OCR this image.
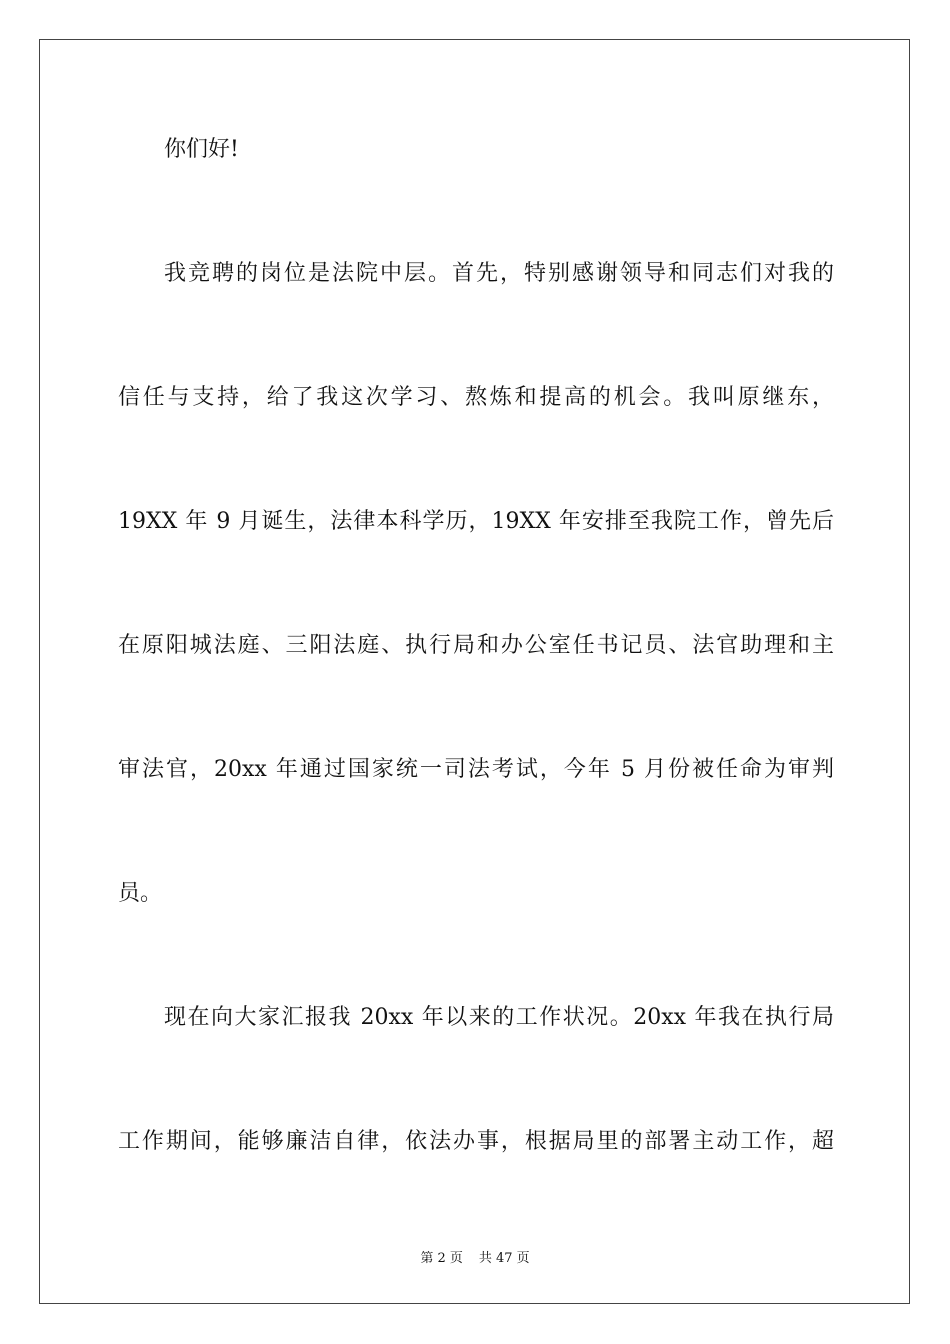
你们好!
我竞聘的岗位是法院中层。首先，特别感谢领导和同志们对我的
信任与支持，给了我这次学习、熬炼和提高的机会。我叫原继东，
19XX 年 9 月诞生，法律本科学历，19XX 年安排至我院工作，曾先后
在原阳城法庭、三阳法庭、执行局和办公室任书记员、法官助理和主
审法官，20xx 年通过国家统一司法考试，今年 5 月份被任命为审判
员。
现在向大家汇报我 20xx 年以来的工作状况。20xx 年我在执行局
工作期间，能够廉洁自律，依法办事，根据局里的部署主动工作，超
第 2 页 共 47 页
